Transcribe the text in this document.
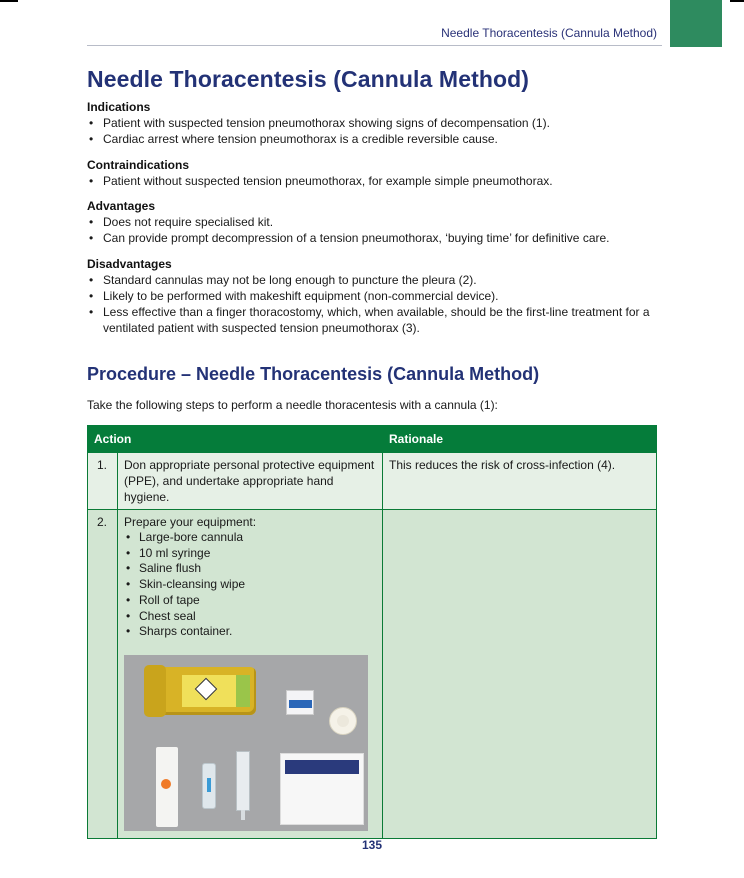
Needle Thoracentesis (Cannula Method)
Needle Thoracentesis (Cannula Method)
Indications
• Patient with suspected tension pneumothorax showing signs of decompensation (1).
• Cardiac arrest where tension pneumothorax is a credible reversible cause.
Contraindications
• Patient without suspected tension pneumothorax, for example simple pneumothorax.
Advantages
• Does not require specialised kit.
• Can provide prompt decompression of a tension pneumothorax, ‘buying time’ for definitive care.
Disadvantages
• Standard cannulas may not be long enough to puncture the pleura (2).
• Likely to be performed with makeshift equipment (non-commercial device).
• Less effective than a finger thoracostomy, which, when available, should be the first-line treatment for a ventilated patient with suspected tension pneumothorax (3).
Procedure – Needle Thoracentesis (Cannula Method)

Take the following steps to perform a needle thoracentesis with a cannula (1):

Action		Rationale
1.	Don appropriate personal protective equipment (PPE), and undertake appropriate hand hygiene.	This reduces the risk of cross-infection (4).
2.	Prepare your equipment:
• Large-bore cannula
• 10 ml syringe
• Saline flush
• Skin-cleansing wipe
• Roll of tape
• Chest seal
• Sharps container.

135
